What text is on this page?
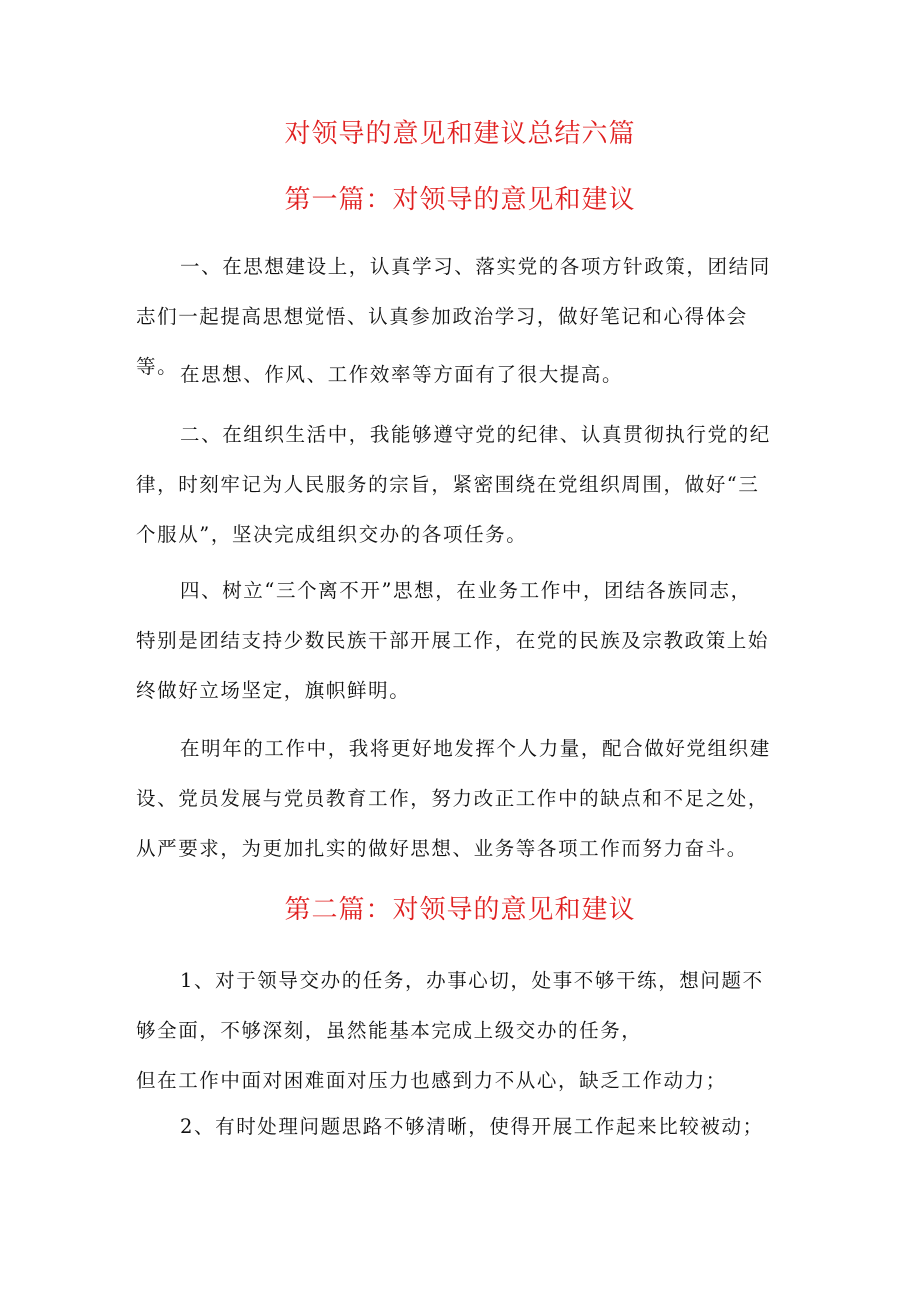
对领导的意见和建议总结六篇
第一篇：对领导的意见和建议
一、在思想建设上，认真学习、落实党的各项方针政策，团结同
志们一起提高思想觉悟、认真参加政治学习，做好笔记和心得体会等。 在思想、作风、工作效率等方面有了很大提高。
二、在组织生活中，我能够遵守党的纪律、认真贯彻执行党的纪
律，时刻牢记为人民服务的宗旨，紧密围绕在党组织周围，做好“三
个服从”，坚决完成组织交办的各项任务。
四、树立“三个离不开”思想，在业务工作中，团结各族同志，
特别是团结支持少数民族干部开展工作，在党的民族及宗教政策上始
终做好立场坚定，旗帜鲜明。
在明年的工作中，我将更好地发挥个人力量，配合做好党组织建
设、党员发展与党员教育工作，努力改正工作中的缺点和不足之处，
从严要求，为更加扎实的做好思想、业务等各项工作而努力奋斗。
第二篇：对领导的意见和建议
1、对于领导交办的任务，办事心切，处事不够干练，想问题不
够全面，不够深刻，虽然能基本完成上级交办的任务，
但在工作中面对困难面对压力也感到力不从心，缺乏工作动力；
2、有时处理问题思路不够清晰，使得开展工作起来比较被动；
